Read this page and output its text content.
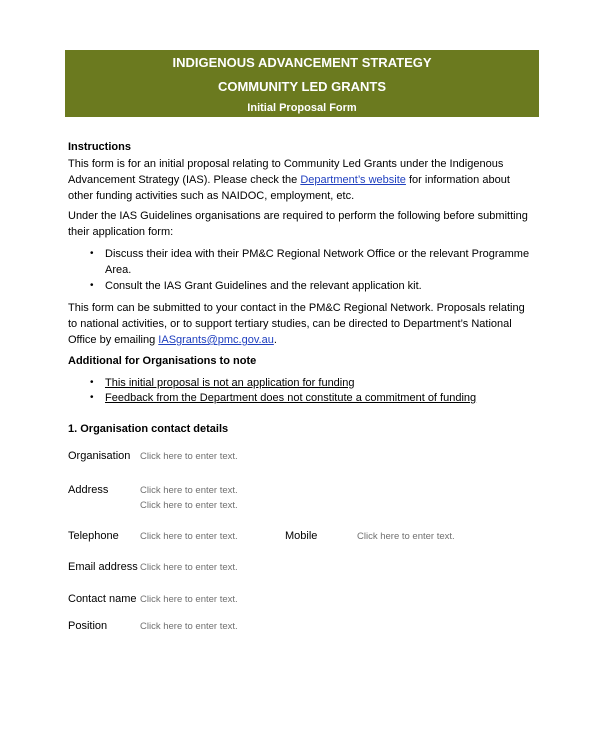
INDIGENOUS ADVANCEMENT STRATEGY
COMMUNITY LED GRANTS
Initial Proposal Form
Instructions
This form is for an initial proposal relating to Community Led Grants under the Indigenous
Advancement Strategy (IAS). Please check the Department’s website for information about
other funding activities such as NAIDOC, employment, etc.
Under the IAS Guidelines organisations are required to perform the following before submitting
their application form:
• Discuss their idea with their PM&C Regional Network Office or the relevant Programme
Area.
• Consult the IAS Grant Guidelines and the relevant application kit.
This form can be submitted to your contact in the PM&C Regional Network. Proposals relating
to national activities, or to support tertiary studies, can be directed to Department’s National
Office by emailing IASgrants@pmc.gov.au.
Additional for Organisations to note
• This initial proposal is not an application for funding
• Feedback from the Department does not constitute a commitment of funding
1. Organisation contact details
Organisation Click here to enter text.
Address	Click here to enter text.
Click here to enter text.
Telephone Click here to enter text.	Mobile	Click here to enter text.
Email address Click here to enter text.
Contact name Click here to enter text.
Position	Click here to enter text.
